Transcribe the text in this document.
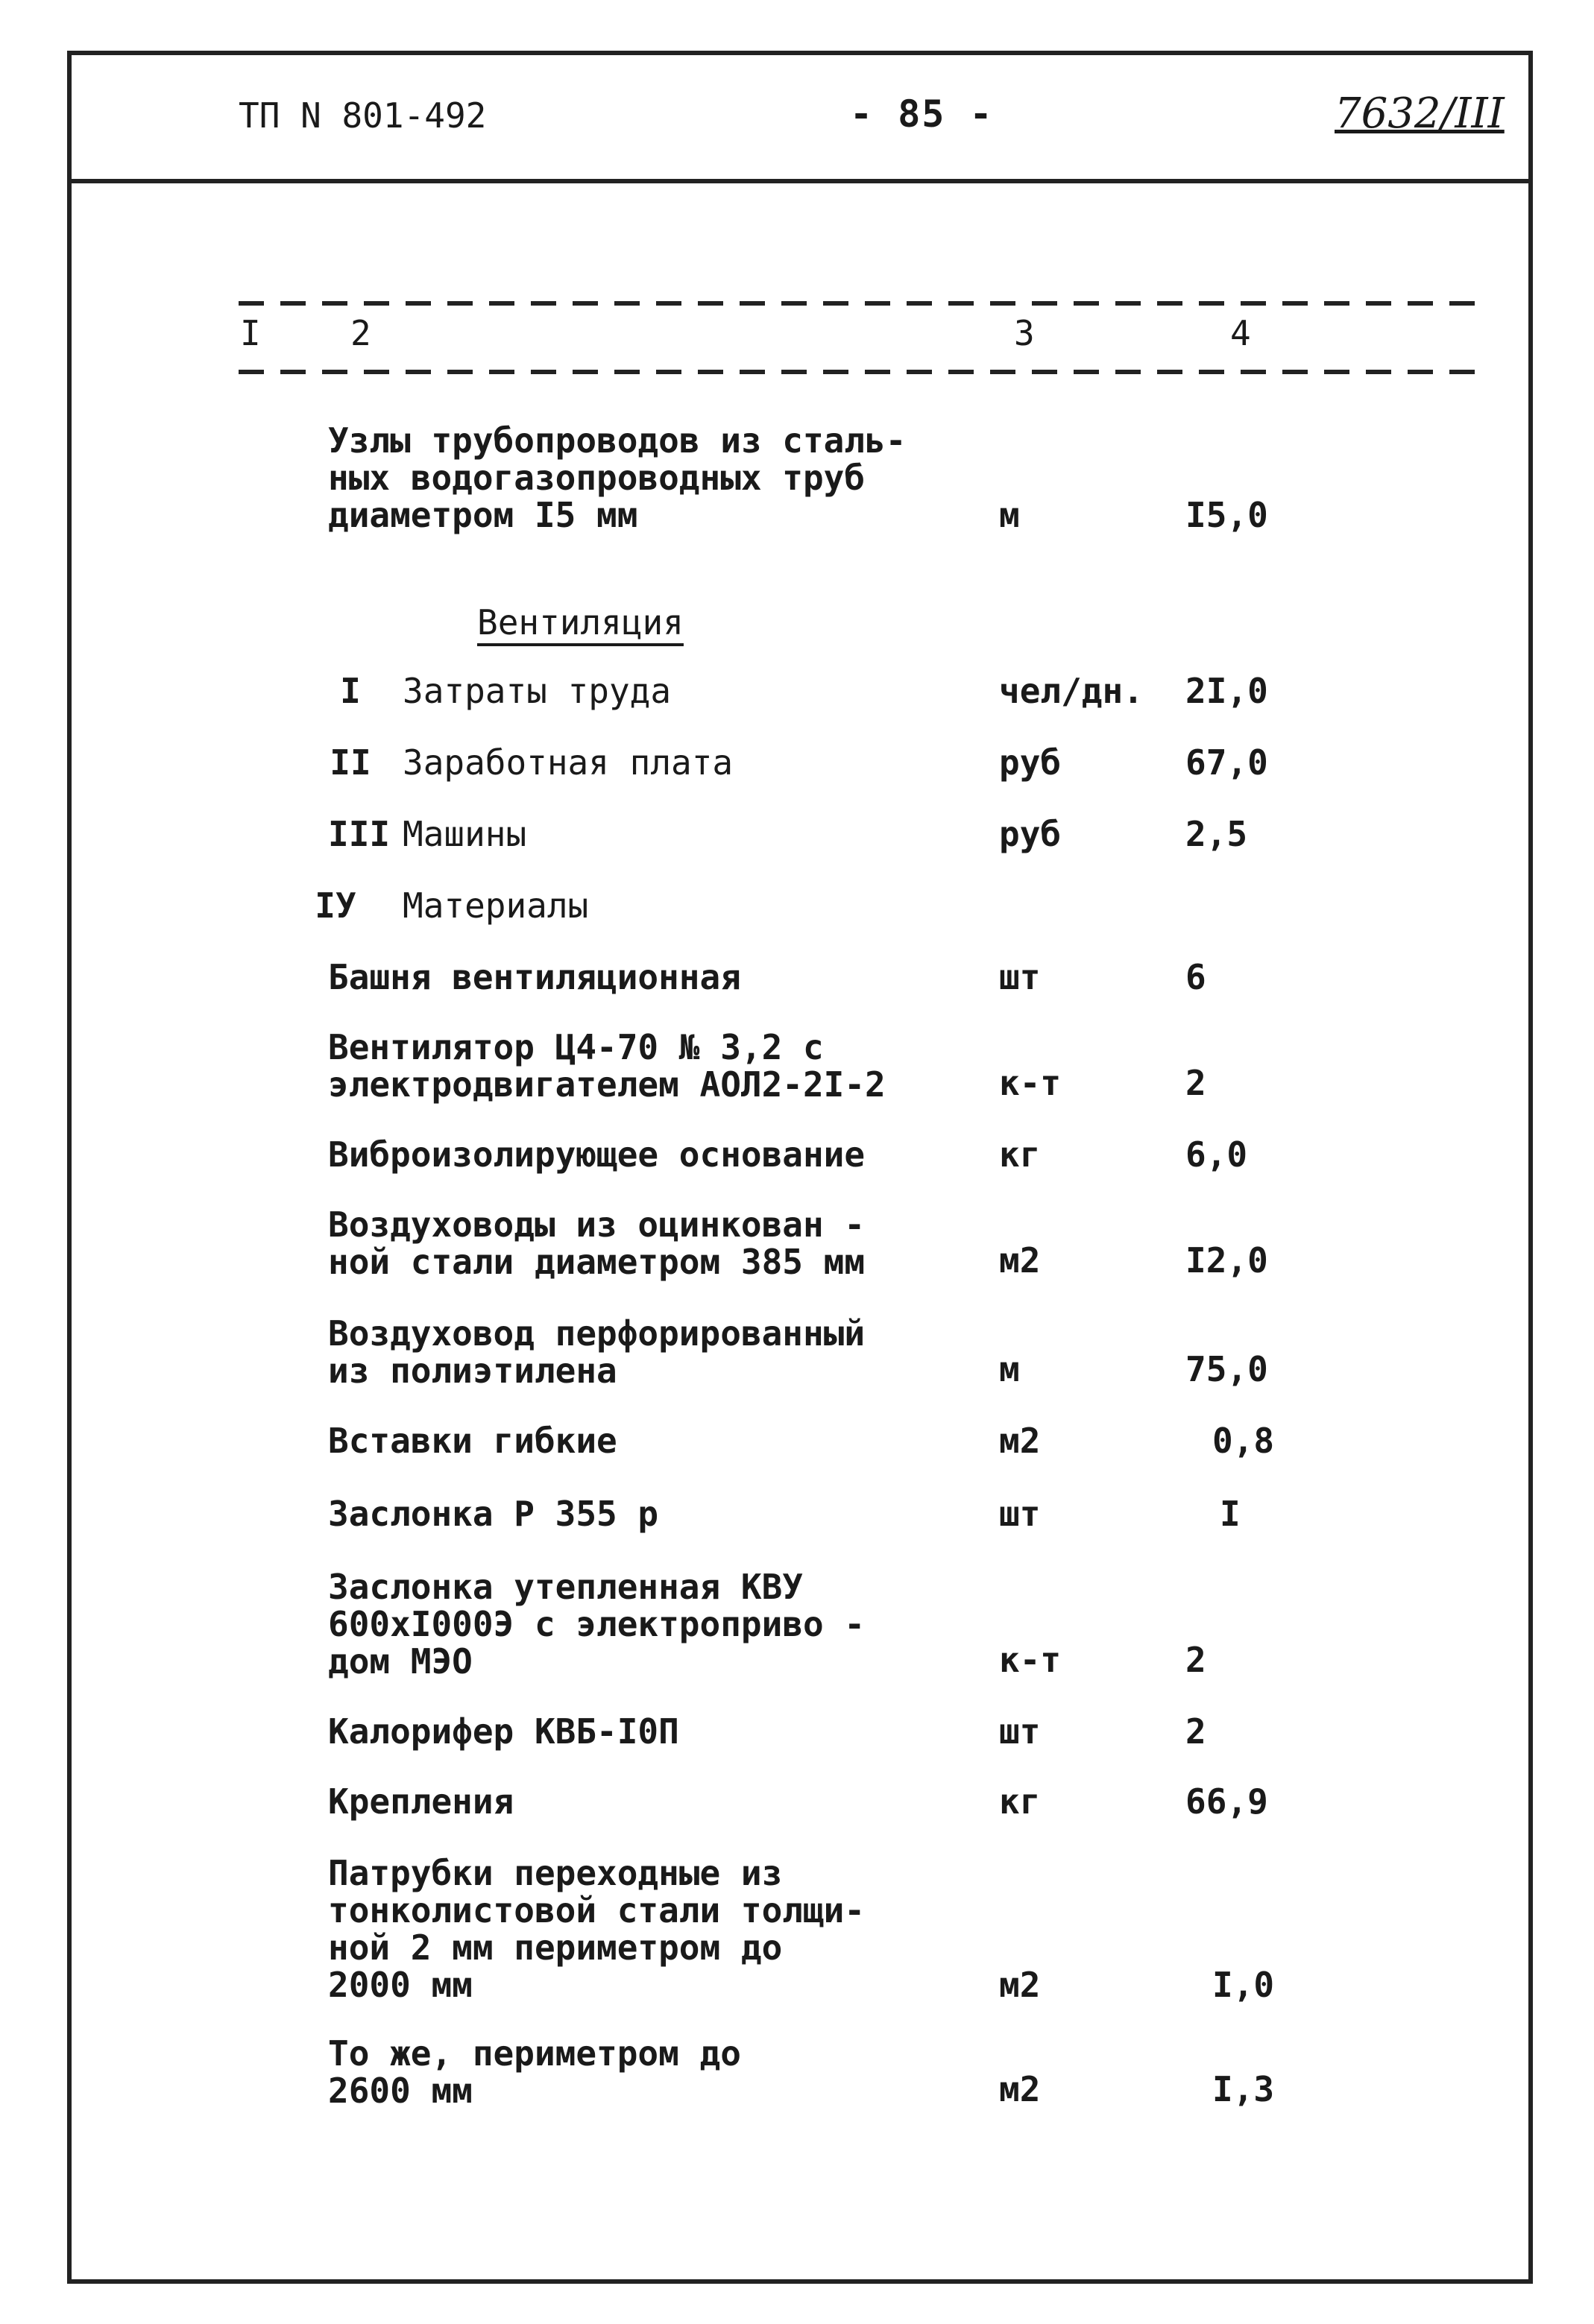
ТП N 801-492	- 85 -	7632/III
I	2	3	4
Узлы трубопроводов из сталь-
ных водогазопроводных труб
диаметром I5 мм	м	I5,0
Вентиляция
I	Затраты труда	чел/дн. 2I,0
II Заработная плата	руб	67,0
III Машины	руб	2,5
IУ Материалы
Башня вентиляционная	шт	6
Вентилятор Ц4-70 № 3,2 с
электродвигателем АОЛ2-2I-2	к-т	2
Виброизолирующее основание	кг	6,0
Воздуховоды из оцинкован -
ной стали диаметром 385 мм	м2	I2,0
Воздуховод перфорированный
из полиэтилена	м	75,0
Вставки гибкие	м2	0,8
Заслонка Р 355 р	шт	I
Заслонка утепленная КВУ
600хI000Э с электроприво -
дом МЭО	к-т	2
Калорифер КВБ-I0П	шт	2
Крепления	кг	66,9
Патрубки переходные из
тонколистовой стали толщи-
ной 2 мм периметром до
2000 мм	м2	I,0
То же, периметром до
2600 мм	м2	I,3
